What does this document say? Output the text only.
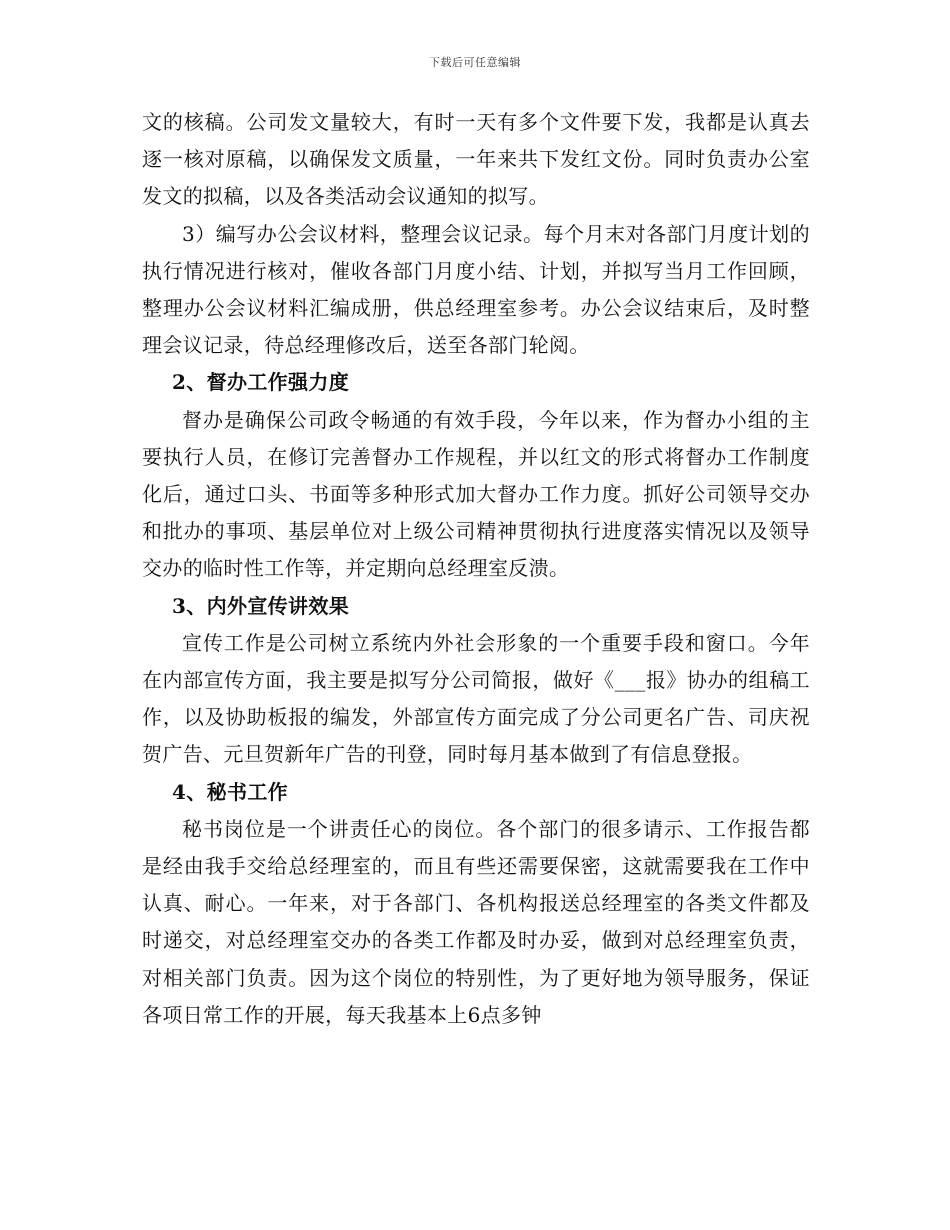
下载后可任意编辑

文的核稿。公司发文量较大，有时一天有多个文件要下发，我都是认真去逐一核对原稿，以确保发文质量，一年来共下发红文份。同时负责办公室发文的拟稿，以及各类活动会议通知的拟写。

3）编写办公会议材料，整理会议记录。每个月末对各部门月度计划的执行情况进行核对，催收各部门月度小结、计划，并拟写当月工作回顾，整理办公会议材料汇编成册，供总经理室参考。办公会议结束后，及时整理会议记录，待总经理修改后，送至各部门轮阅。

2、督办工作强力度

督办是确保公司政令畅通的有效手段，今年以来，作为督办小组的主要执行人员，在修订完善督办工作规程，并以红文的形式将督办工作制度化后，通过口头、书面等多种形式加大督办工作力度。抓好公司领导交办和批办的事项、基层单位对上级公司精神贯彻执行进度落实情况以及领导交办的临时性工作等，并定期向总经理室反溃。

3、内外宣传讲效果

宣传工作是公司树立系统内外社会形象的一个重要手段和窗口。今年在内部宣传方面，我主要是拟写分公司简报，做好《___报》协办的组稿工作，以及协助板报的编发，外部宣传方面完成了分公司更名广告、司庆祝贺广告、元旦贺新年广告的刊登，同时每月基本做到了有信息登报。

4、秘书工作

秘书岗位是一个讲责任心的岗位。各个部门的很多请示、工作报告都是经由我手交给总经理室的，而且有些还需要保密，这就需要我在工作中认真、耐心。一年来，对于各部门、各机构报送总经理室的各类文件都及时递交，对总经理室交办的各类工作都及时办妥，做到对总经理室负责，对相关部门负责。因为这个岗位的特别性，为了更好地为领导服务，保证各项日常工作的开展，每天我基本上6点多钟
